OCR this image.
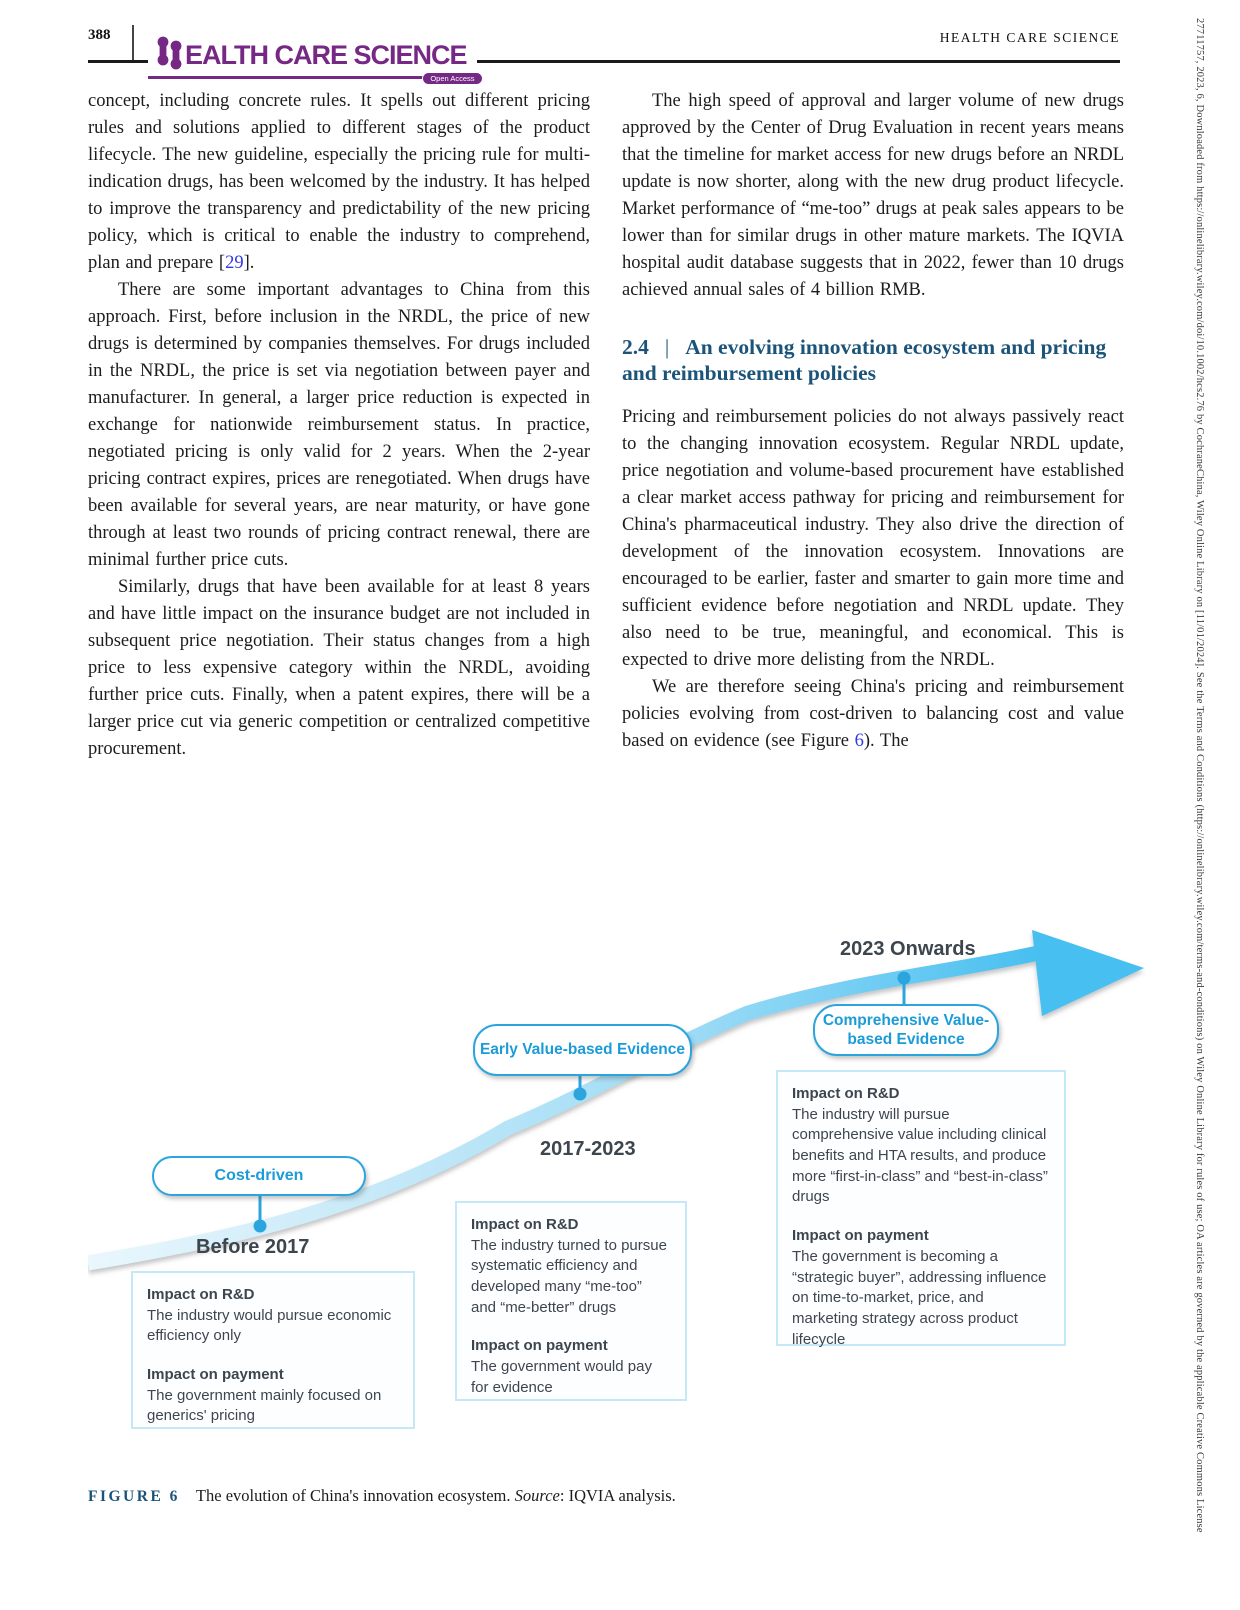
388
EALTH CARE SCIENCE
Open Access
HEALTH CARE SCIENCE

concept, including concrete rules. It spells out different pricing rules and solutions applied to different stages of the product lifecycle. The new guideline, especially the pricing rule for multi-indication drugs, has been welcomed by the industry. It has helped to improve the transparency and predictability of the new pricing policy, which is critical to enable the industry to comprehend, plan and prepare [29].

There are some important advantages to China from this approach. First, before inclusion in the NRDL, the price of new drugs is determined by companies themselves. For drugs included in the NRDL, the price is set via negotiation between payer and manufacturer. In general, a larger price reduction is expected in exchange for nationwide reimbursement status. In practice, negotiated pricing is only valid for 2 years. When the 2-year pricing contract expires, prices are renegotiated. When drugs have been available for several years, are near maturity, or have gone through at least two rounds of pricing contract renewal, there are minimal further price cuts.

Similarly, drugs that have been available for at least 8 years and have little impact on the insurance budget are not included in subsequent price negotiation. Their status changes from a high price to less expensive category within the NRDL, avoiding further price cuts. Finally, when a patent expires, there will be a larger price cut via generic competition or centralized competitive procurement.

The high speed of approval and larger volume of new drugs approved by the Center of Drug Evaluation in recent years means that the timeline for market access for new drugs before an NRDL update is now shorter, along with the new drug product lifecycle. Market performance of “me-too” drugs at peak sales appears to be lower than for similar drugs in other mature markets. The IQVIA hospital audit database suggests that in 2022, fewer than 10 drugs achieved annual sales of 4 billion RMB.

2.4 | An evolving innovation ecosystem and pricing and reimbursement policies

Pricing and reimbursement policies do not always passively react to the changing innovation ecosystem. Regular NRDL update, price negotiation and volume-based procurement have established a clear market access pathway for pricing and reimbursement for China's pharmaceutical industry. They also drive the direction of development of the innovation ecosystem. Innovations are encouraged to be earlier, faster and smarter to gain more time and sufficient evidence before negotiation and NRDL update. They also need to be true, meaningful, and economical. This is expected to drive more delisting from the NRDL.

We are therefore seeing China's pricing and reimbursement policies evolving from cost-driven to balancing cost and value based on evidence (see Figure 6). The

Cost-driven
Early Value-based Evidence
Comprehensive Value-based Evidence
Before 2017
2017-2023
2023 Onwards
Impact on R&D
The industry would pursue economic efficiency only
Impact on payment
The government mainly focused on generics' pricing
Impact on R&D
The industry turned to pursue systematic efficiency and developed many “me-too” and “me-better” drugs
Impact on payment
The government would pay for evidence
Impact on R&D
The industry will pursue comprehensive value including clinical benefits and HTA results, and produce more “first-in-class” and “best-in-class” drugs
Impact on payment
The government is becoming a “strategic buyer”, addressing influence on time-to-market, price, and marketing strategy across product lifecycle
FIGURE 6 The evolution of China's innovation ecosystem. Source: IQVIA analysis.	27711757, 2023, 6, Downloaded from https://onlinelibrary.wiley.com/doi/10.1002/hcs2.76 by CochraneChina, Wiley Online Library on [11/01/2024]. See the Terms and Conditions (https://onlinelibrary.wiley.com/terms-and-conditions) on Wiley Online Library for rules of use; OA articles are governed by the applicable Creative Commons License
